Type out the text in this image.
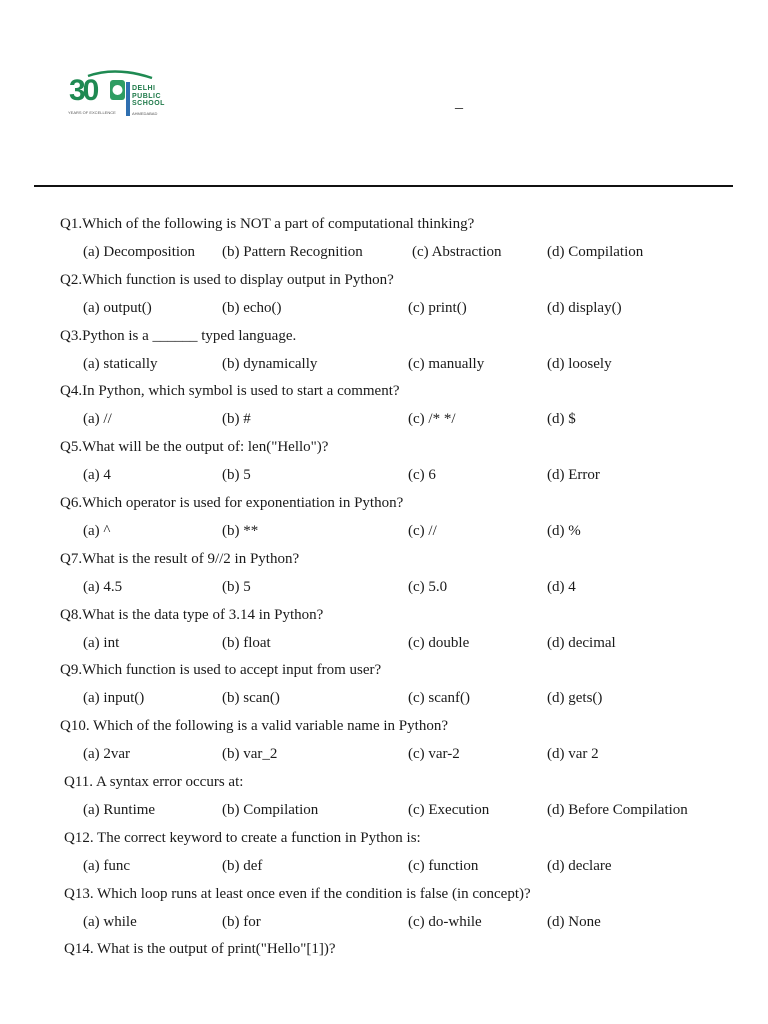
30
YEARS OF EXCELLENCE
DELHI
PUBLIC
SCHOOL
AHMEDABAD
_
Q1.Which of the following is NOT a part of computational thinking?
(a) Decomposition (b) Pattern Recognition	(c) Abstraction	(d) Compilation
Q2.Which function is used to display output in Python?
(a) output()	(b) echo()	(c) print()	(d) display()
Q3.Python is a ______ typed language.
(a) statically	(b) dynamically	(c) manually	(d) loosely
Q4.In Python, which symbol is used to start a comment?
(a) //	(b) #	(c) /* */	(d) $
Q5.What will be the output of: len("Hello")?
(a) 4	(b) 5	(c) 6	(d) Error
Q6.Which operator is used for exponentiation in Python?
(a) ^	(b) **	(c) //	(d) %
Q7.What is the result of 9//2 in Python?
(a) 4.5	(b) 5	(c) 5.0	(d) 4
Q8.What is the data type of 3.14 in Python?
(a) int	(b) float	(c) double	(d) decimal
Q9.Which function is used to accept input from user?
(a) input()	(b) scan()	(c) scanf()	(d) gets()
Q10. Which of the following is a valid variable name in Python?
(a) 2var	(b) var_2	(c) var-2	(d) var 2
Q11. A syntax error occurs at:
(a) Runtime	(b) Compilation	(c) Execution	(d) Before Compilation
Q12. The correct keyword to create a function in Python is:
(a) func	(b) def	(c) function	(d) declare
Q13. Which loop runs at least once even if the condition is false (in concept)?
(a) while	(b) for	(c) do-while	(d) None
Q14. What is the output of print("Hello"[1])?
